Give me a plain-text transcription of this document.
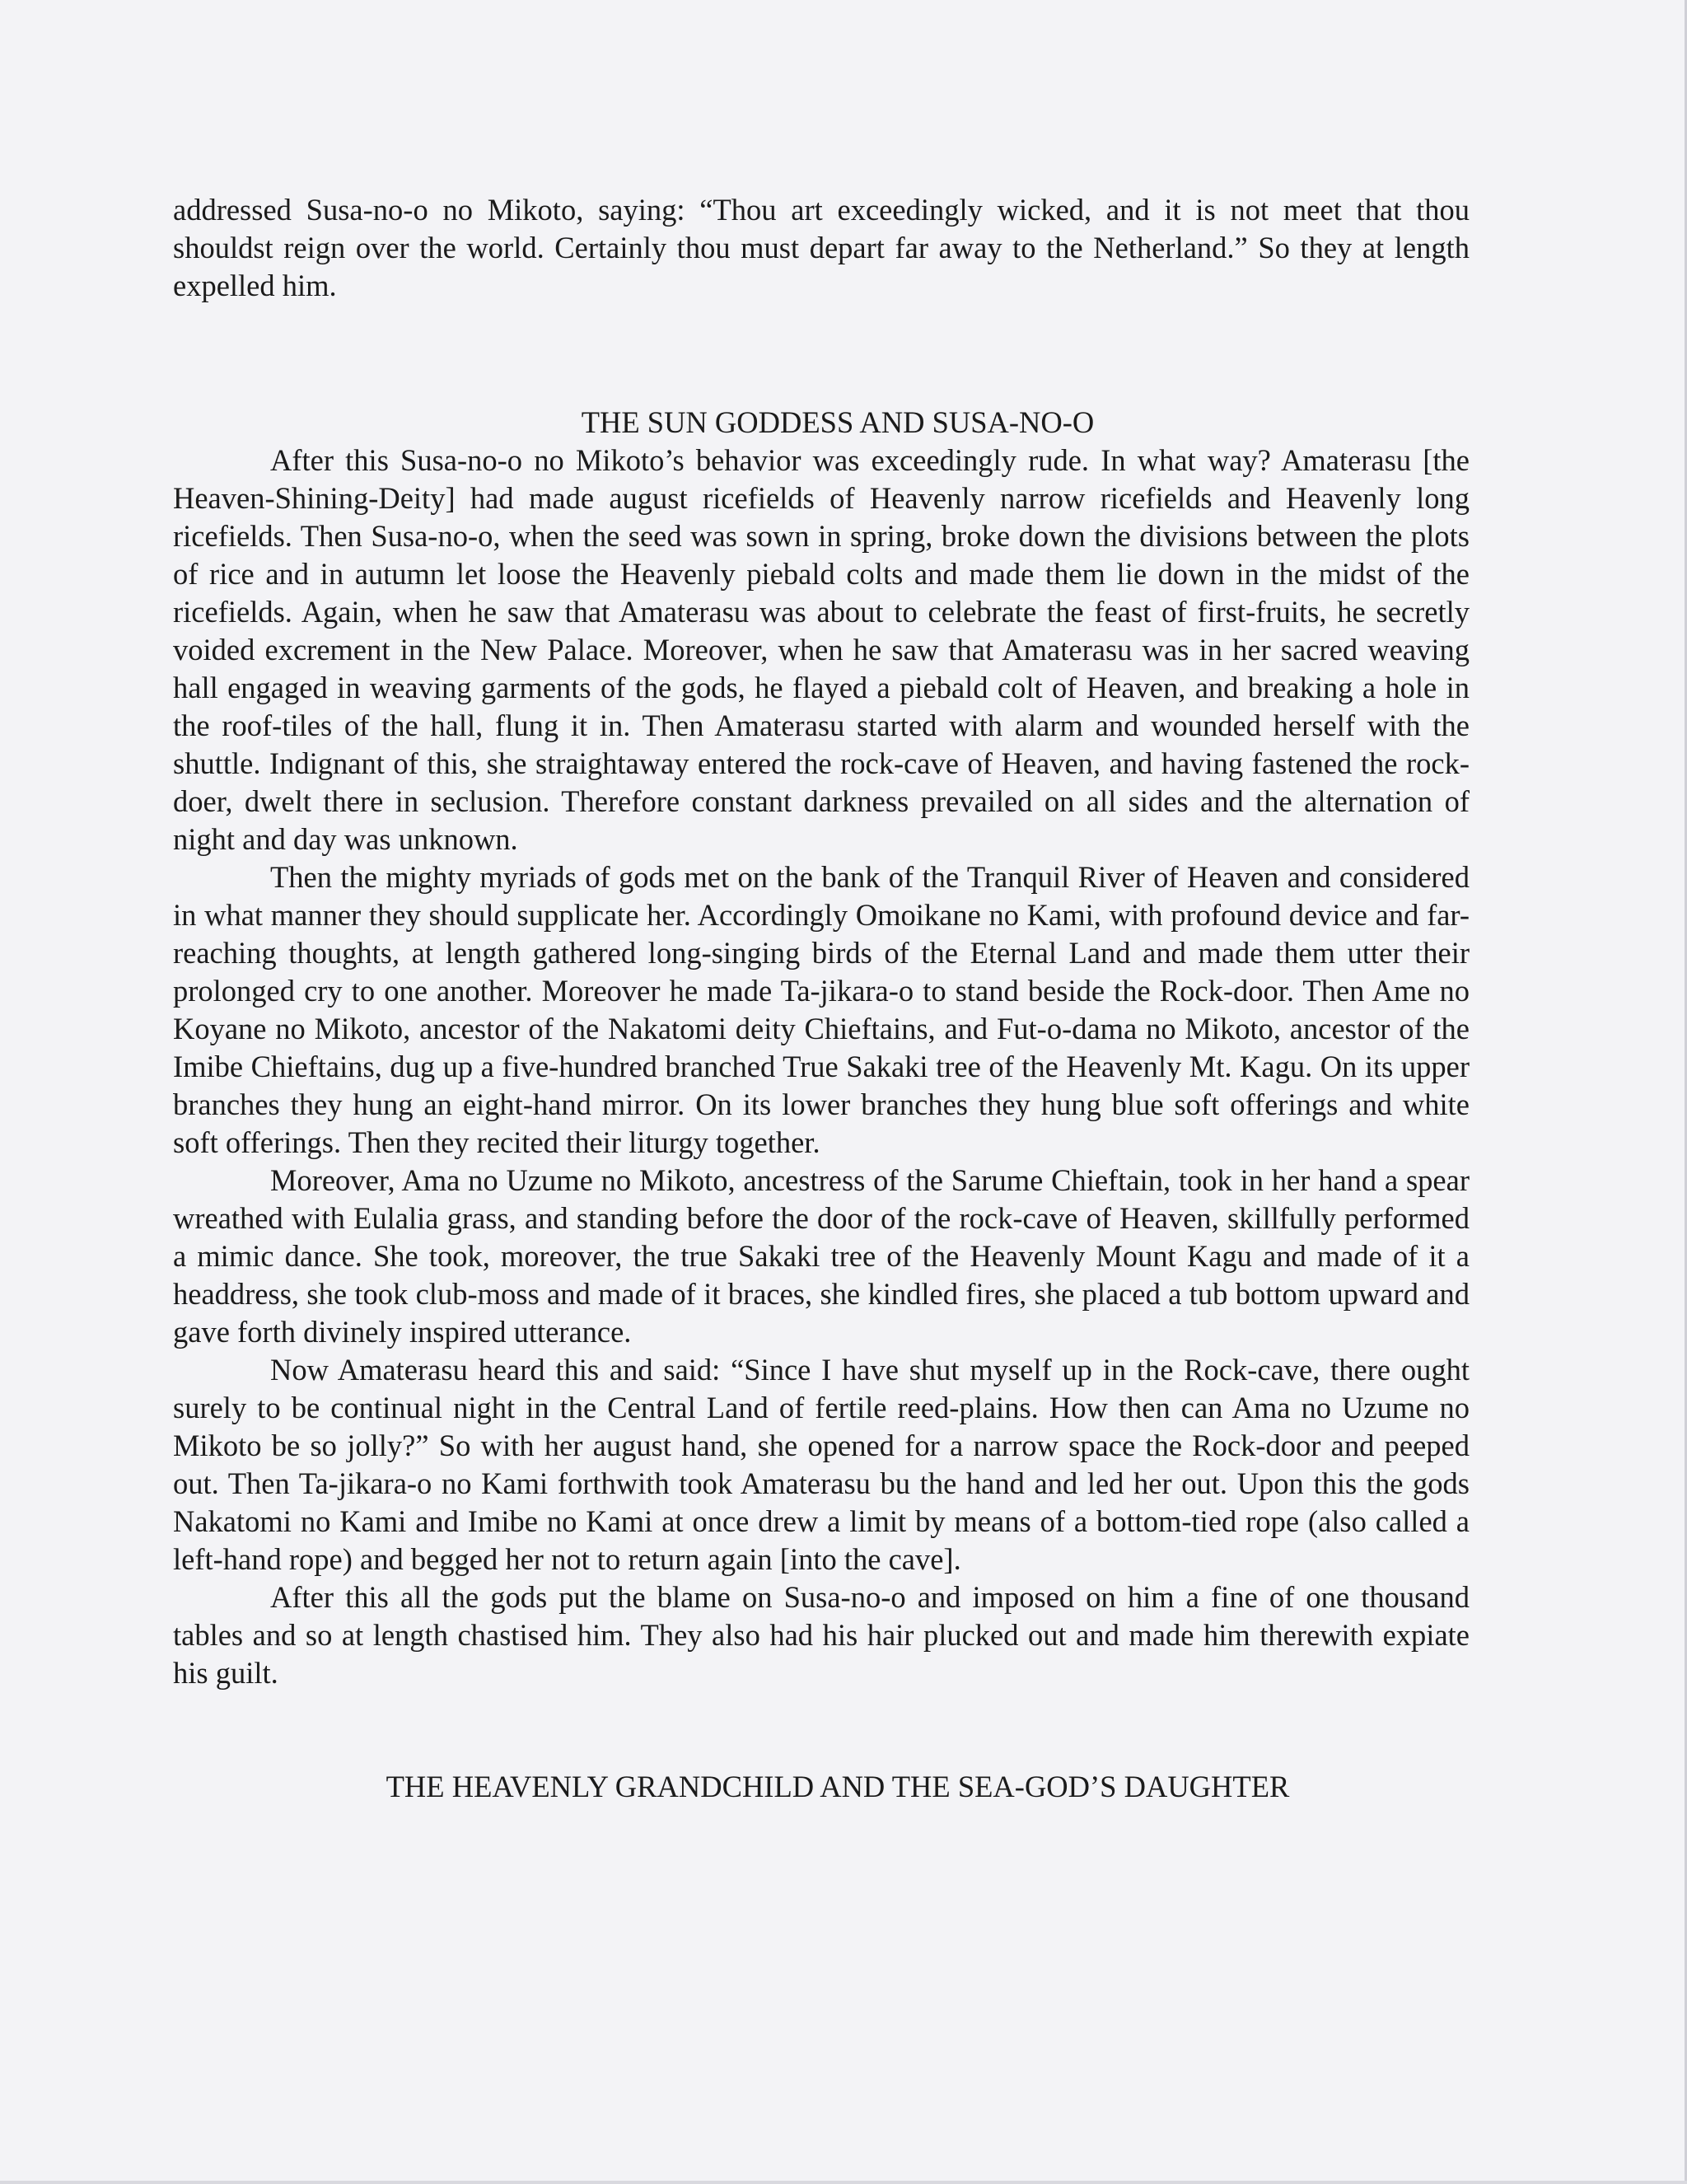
addressed Susa-no-o no Mikoto, saying: “Thou art exceedingly wicked, and it is not meet that thou shouldst reign over the world. Certainly thou must depart far away to the Netherland.” So they at length expelled him.

THE SUN GODDESS AND SUSA-NO-O

After this Susa-no-o no Mikoto’s behavior was exceedingly rude. In what way? Amaterasu [the Heaven-Shining-Deity] had made august ricefields of Heavenly narrow ricefields and Heavenly long ricefields. Then Susa-no-o, when the seed was sown in spring, broke down the divisions between the plots of rice and in autumn let loose the Heavenly piebald colts and made them lie down in the midst of the ricefields. Again, when he saw that Amaterasu was about to celebrate the feast of first-fruits, he secretly voided excrement in the New Palace. Moreover, when he saw that Amaterasu was in her sacred weaving hall engaged in weaving garments of the gods, he flayed a piebald colt of Heaven, and breaking a hole in the roof-tiles of the hall, flung it in. Then Amaterasu started with alarm and wounded herself with the shuttle. Indignant of this, she straightaway entered the rock-cave of Heaven, and having fastened the rock-doer, dwelt there in seclusion. Therefore constant darkness prevailed on all sides and the alternation of night and day was unknown.

Then the mighty myriads of gods met on the bank of the Tranquil River of Heaven and considered in what manner they should supplicate her. Accordingly Omoikane no Kami, with profound device and far-reaching thoughts, at length gathered long-singing birds of the Eternal Land and made them utter their prolonged cry to one another. Moreover he made Ta-jikara-o to stand beside the Rock-door. Then Ame no Koyane no Mikoto, ancestor of the Nakatomi deity Chieftains, and Fut-o-dama no Mikoto, ancestor of the Imibe Chieftains, dug up a five-hundred branched True Sakaki tree of the Heavenly Mt. Kagu. On its upper branches they hung an eight-hand mirror. On its lower branches they hung blue soft offerings and white soft offerings. Then they recited their liturgy together.

Moreover, Ama no Uzume no Mikoto, ancestress of the Sarume Chieftain, took in her hand a spear wreathed with Eulalia grass, and standing before the door of the rock-cave of Heaven, skillfully performed a mimic dance. She took, moreover, the true Sakaki tree of the Heavenly Mount Kagu and made of it a headdress, she took club-moss and made of it braces, she kindled fires, she placed a tub bottom upward and gave forth divinely inspired utterance.

Now Amaterasu heard this and said: “Since I have shut myself up in the Rock-cave, there ought surely to be continual night in the Central Land of fertile reed-plains. How then can Ama no Uzume no Mikoto be so jolly?” So with her august hand, she opened for a narrow space the Rock-door and peeped out. Then Ta-jikara-o no Kami forthwith took Amaterasu bu the hand and led her out. Upon this the gods Nakatomi no Kami and Imibe no Kami at once drew a limit by means of a bottom-tied rope (also called a left-hand rope) and begged her not to return again [into the cave].

After this all the gods put the blame on Susa-no-o and imposed on him a fine of one thousand tables and so at length chastised him. They also had his hair plucked out and made him therewith expiate his guilt.

THE HEAVENLY GRANDCHILD AND THE SEA-GOD’S DAUGHTER
